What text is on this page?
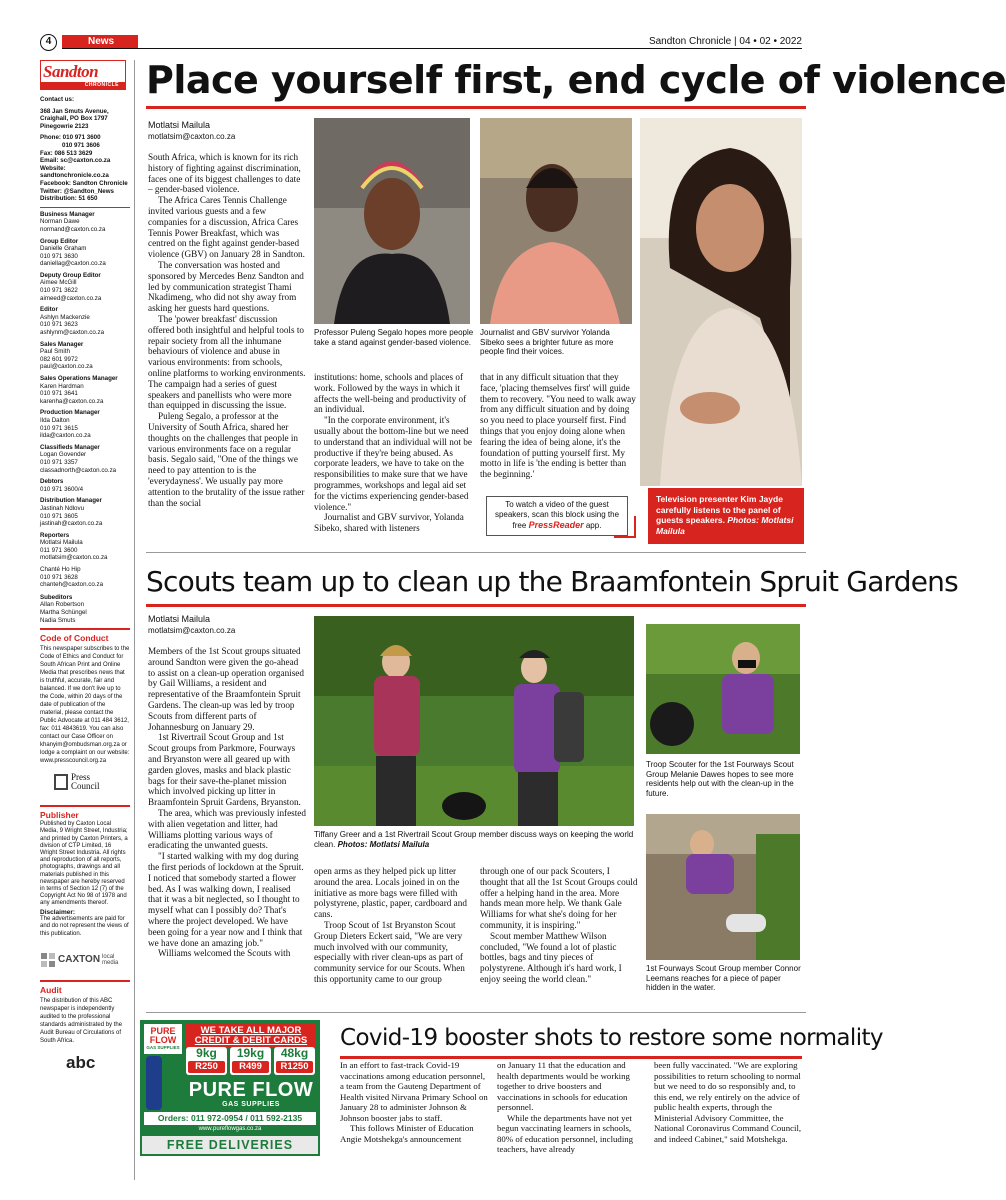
4	News	Sandton Chronicle | 04 • 02 • 2022
Sandton
CHRONICLE
Contact us:
368 Jan Smuts Avenue, Craighall, PO Box 1797 Pinegowrie 2123
Phone: 010 971 3600
010 971 3606
Fax: 086 513 3629
Email: sc@caxton.co.za
Website: sandtonchronicle.co.za
Facebook: Sandton Chronicle
Twitter: @Sandton_News
Distribution: 51 650
Business Manager
Norman Dawe
normand@caxton.co.za
Group Editor
Danielle Graham
010 971 3630
daniellag@caxton.co.za
Deputy Group Editor
Aimee McGill
010 971 3622
aimeed@caxton.co.za
Editor
Ashlyn Mackenzie
010 971 3623
ashlynm@caxton.co.za
Sales Manager
Paul Smith
082 601 9972
paul@caxton.co.za
Sales Operations Manager
Karen Hardman
010 971 3641
karenha@caxton.co.za
Production Manager
Ilda Dalton
010 971 3615
ilda@caxton.co.za
Classifieds Manager
Logan Govender
010 971 3357
classadnorth@caxton.co.za
Debtors
010 971 3600/4
Distribution Manager
Jastinah Ndlovu
010 971 3605
jastinah@caxton.co.za
Reporters
Motlatsi Mailula
011 971 3600
motlatsim@caxton.co.za
Chanté Ho Hip
010 971 3628
chanteh@caxton.co.za
Subeditors
Allan Robertson Martha Schüngel Nadia Smuts
Code of Conduct
This newspaper subscribes to the Code of Ethics and Conduct for South African Print and Online Media that prescribes news that is truthful, accurate, fair and balanced. If we don't live up to the Code, within 20 days of the date of publication of the material, please contact the Public Advocate at 011 484 3612, fax: 011 4843619. You can also contact our Case Officer on khanyim@ombudsman.org.za or lodge a complaint on our website: www.presscouncil.org.za
Press Council
Publisher
Published by Caxton Local Media, 9 Wright Street, Industria; and printed by Caxton Printers, a division of CTP Limited, 16 Wright Street Industria. All rights and reproduction of all reports, photographs, drawings and all materials published in this newspaper are hereby reserved in terms of Section 12 (7) of the Copyright Act No 98 of 1978 and any amendments thereof.
Disclaimer:
The advertisements are paid for and do not represent the views of this publication.
CAXTON local media
Audit
The distribution of this ABC newspaper is independently audited to the professional standards administrated by the Audit Bureau of Circulations of South Africa.
abc
Place yourself first, end cycle of violence
Motlatsi Mailula
motlatsim@caxton.co.za

South Africa, which is known for its rich history of fighting against discrimination, faces one of its biggest challenges to date – gender-based violence.

The Africa Cares Tennis Challenge invited various guests and a few companies for a discussion, Africa Cares Tennis Power Breakfast, which was centred on the fight against gender-based violence (GBV) on January 28 in Sandton.

The conversation was hosted and sponsored by Mercedes Benz Sandton and led by communication strategist Thami Nkadimeng, who did not shy away from asking her guests hard questions.

The 'power breakfast' discussion offered both insightful and helpful tools to repair society from all the inhumane behaviours of violence and abuse in various environments: from schools, online platforms to working environments. The campaign had a series of guest speakers and panellists who were more than equipped in discussing the issue.

Puleng Segalo, a professor at the University of South Africa, shared her thoughts on the challenges that people in various environments face on a regular basis. Segalo said, "One of the things we need to pay attention to is the 'everydayness'. We usually pay more attention to the brutality of the issue rather than the social

Professor Puleng Segalo hopes more people take a stand against gender-based violence.
Journalist and GBV survivor Yolanda Sibeko sees a brighter future as more people find their voices.
Television presenter Kim Jayde carefully listens to the panel of guests speakers. Photos: Motlatsi Mailula

institutions: home, schools and places of work. Followed by the ways in which it affects the well-being and productivity of an individual.

"In the corporate environment, it's usually about the bottom-line but we need to understand that an individual will not be productive if they're being abused. As corporate leaders, we have to take on the responsibilities to make sure that we have programmes, workshops and legal aid set for the victims experiencing gender-based violence."

Journalist and GBV survivor, Yolanda Sibeko, shared with listeners

that in any difficult situation that they face, 'placing themselves first' will guide them to recovery. "You need to walk away from any difficult situation and by doing so you need to place yourself first. Find things that you enjoy doing alone when fearing the idea of being alone, it's the foundation of putting yourself first. My motto in life is 'the ending is better than the beginning.'

To watch a video of the guest speakers, scan this block using the free PressReader app.
Scouts team up to clean up the Braamfontein Spruit Gardens
Motlatsi Mailula
motlatsim@caxton.co.za

Members of the 1st Scout groups situated around Sandton were given the go-ahead to assist on a clean-up operation organised by Gail Williams, a resident and representative of the Braamfontein Spruit Gardens. The clean-up was led by troop Scouts from different parts of Johannesburg on January 29.

1st Rivertrail Scout Group and 1st Scout groups from Parkmore, Fourways and Bryanston were all geared up with garden gloves, masks and black plastic bags for their save-the-planet mission which involved picking up litter in Braamfontein Spruit Gardens, Bryanston.

The area, which was previously infested with alien vegetation and litter, had Williams plotting various ways of eradicating the unwanted guests.

"I started walking with my dog during the first periods of lockdown at the Spruit. I noticed that somebody started a flower bed. As I was walking down, I realised that it was a bit neglected, so I thought to myself what can I possibly do? That's where the project developed. We have been going for a year now and I think that we have done an amazing job."

Williams welcomed the Scouts with

Tiffany Greer and a 1st Rivertrail Scout Group member discuss ways on keeping the world clean. Photos: Motlatsi Mailula
Troop Scouter for the 1st Fourways Scout Group Melanie Dawes hopes to see more residents help out with the clean-up in the future.
1st Fourways Scout Group member Connor Leemans reaches for a piece of paper hidden in the water.

open arms as they helped pick up litter around the area. Locals joined in on the initiative as more bags were filled with polystyrene, plastic, paper, cardboard and cans.

Troop Scout of 1st Bryanston Scout Group Dieters Eckert said, "We are very much involved with our community, especially with river clean-ups as part of community service for our Scouts. When this opportunity came to our group

through one of our pack Scouters, I thought that all the 1st Scout Groups could offer a helping hand in the area. More hands mean more help. We thank Gale Williams for what she's doing for her community, it is inspiring."

Scout member Matthew Wilson concluded, "We found a lot of plastic bottles, bags and tiny pieces of polystyrene. Although it's hard work, I enjoy seeing the world clean."

PURE
FLOW
GAS SUPPLIES
WE TAKE ALL MAJOR CREDIT & DEBIT CARDS
9kg
R250
19kg
R499
48kg
R1250
PURE FLOW
GAS SUPPLIES
Orders: 011 972-0954 / 011 592-2135
www.pureflowgas.co.za
FREE DELIVERIES
Covid-19 booster shots to restore some normality

In an effort to fast-track Covid-19 vaccinations among education personnel, a team from the Gauteng Department of Health visited Nirvana Primary School on January 28 to administer Johnson & Johnson booster jabs to staff.

This follows Minister of Education Angie Motshekga's announcement

on January 11 that the education and health departments would be working together to drive boosters and vaccinations in schools for education personnel.

While the departments have not yet begun vaccinating learners in schools, 80% of education personnel, including teachers, have already

been fully vaccinated. "We are exploring possibilities to return schooling to normal but we need to do so responsibly and, to this end, we rely entirely on the advice of public health experts, through the Ministerial Advisory Committee, the National Coronavirus Command Council, and indeed Cabinet," said Motshekga.
